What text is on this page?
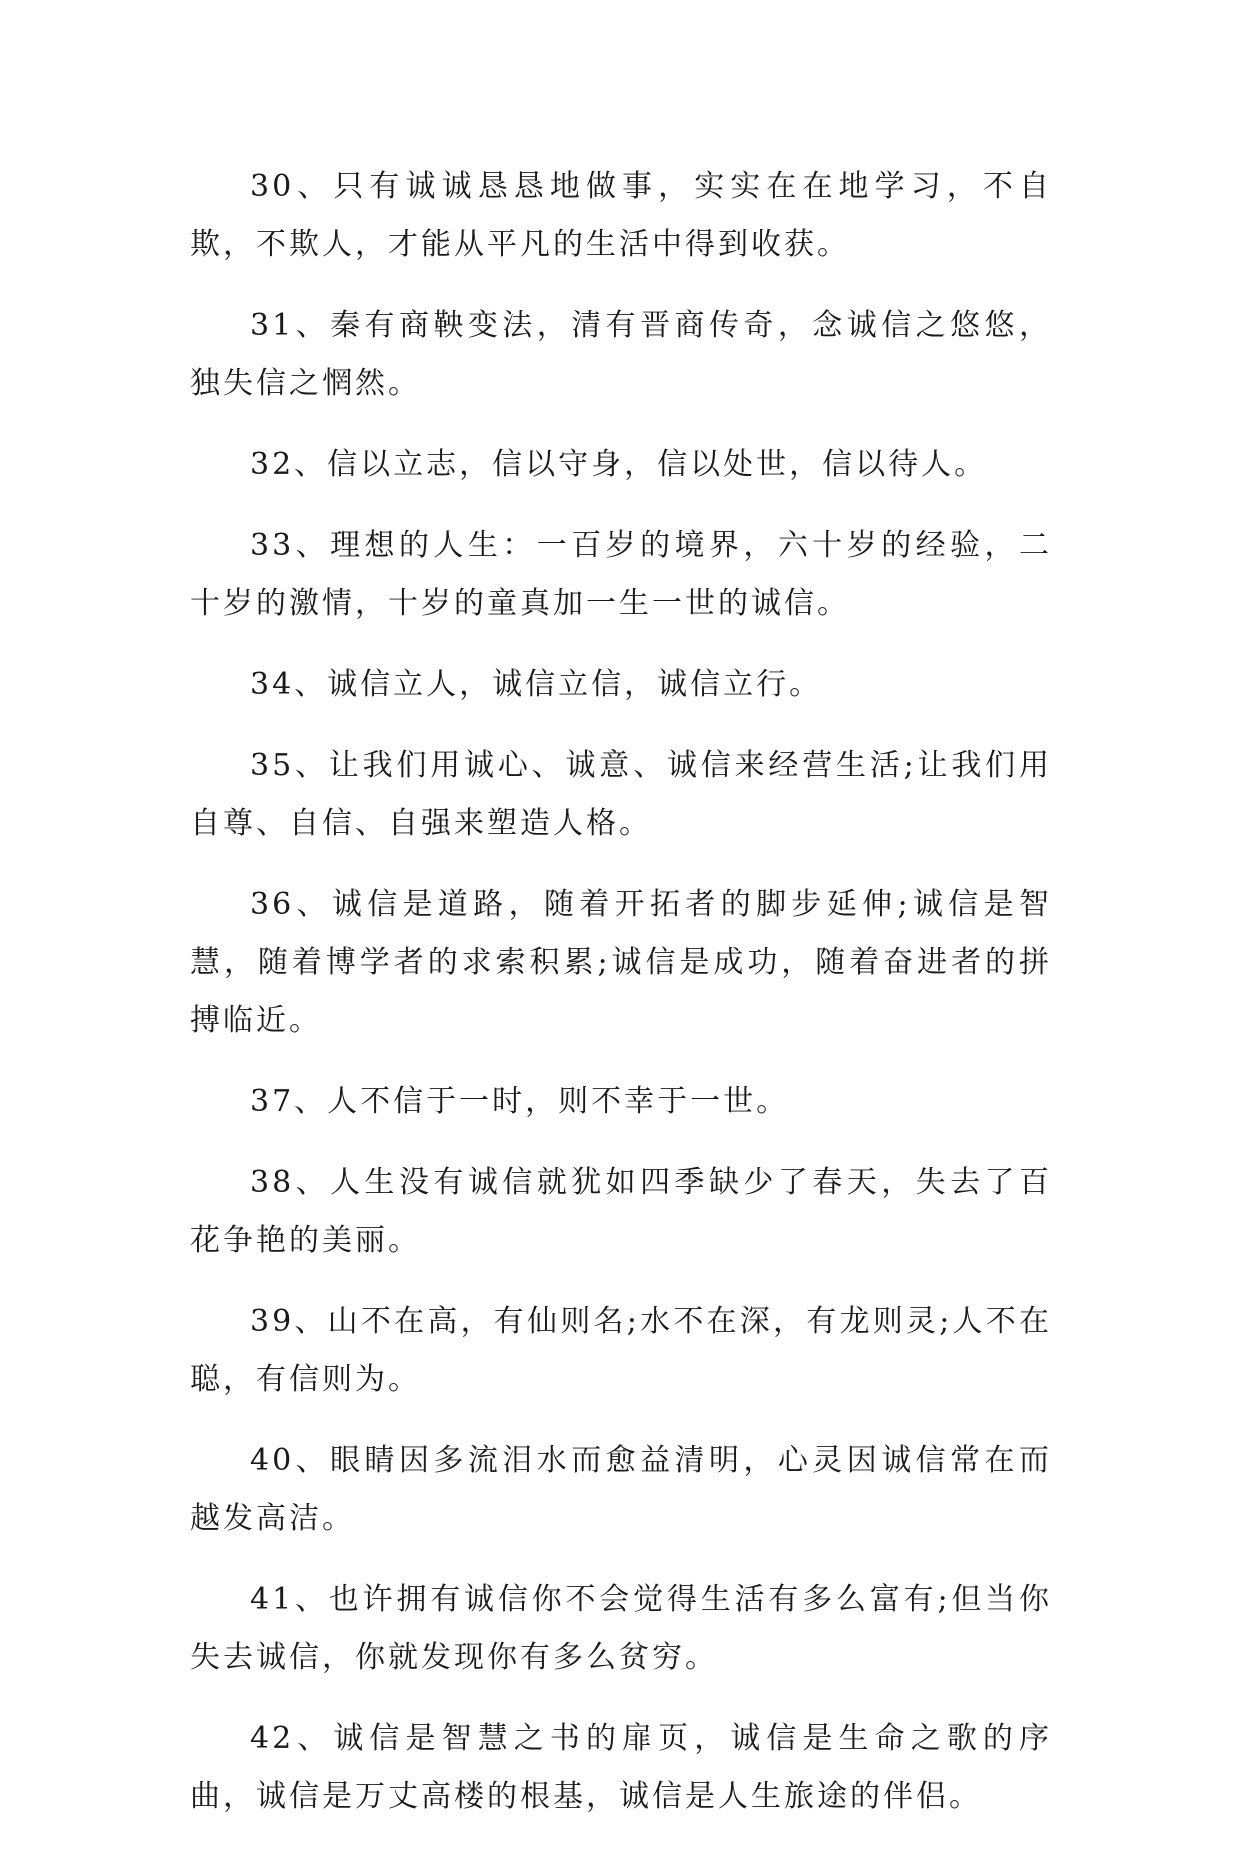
30、只有诚诚恳恳地做事，实实在在地学习，不自欺，不欺人，才能从平凡的生活中得到收获。

31、秦有商鞅变法，清有晋商传奇，念诚信之悠悠，独失信之惘然。

32、信以立志，信以守身，信以处世，信以待人。

33、理想的人生：一百岁的境界，六十岁的经验，二十岁的激情，十岁的童真加一生一世的诚信。

34、诚信立人，诚信立信，诚信立行。

35、让我们用诚心、诚意、诚信来经营生活;让我们用自尊、自信、自强来塑造人格。

36、诚信是道路，随着开拓者的脚步延伸;诚信是智慧，随着博学者的求索积累;诚信是成功，随着奋进者的拼搏临近。

37、人不信于一时，则不幸于一世。

38、人生没有诚信就犹如四季缺少了春天，失去了百花争艳的美丽。

39、山不在高，有仙则名;水不在深，有龙则灵;人不在聪，有信则为。

40、眼睛因多流泪水而愈益清明，心灵因诚信常在而越发高洁。

41、也许拥有诚信你不会觉得生活有多么富有;但当你失去诚信，你就发现你有多么贫穷。

42、诚信是智慧之书的扉页，诚信是生命之歌的序曲，诚信是万丈高楼的根基，诚信是人生旅途的伴侣。
